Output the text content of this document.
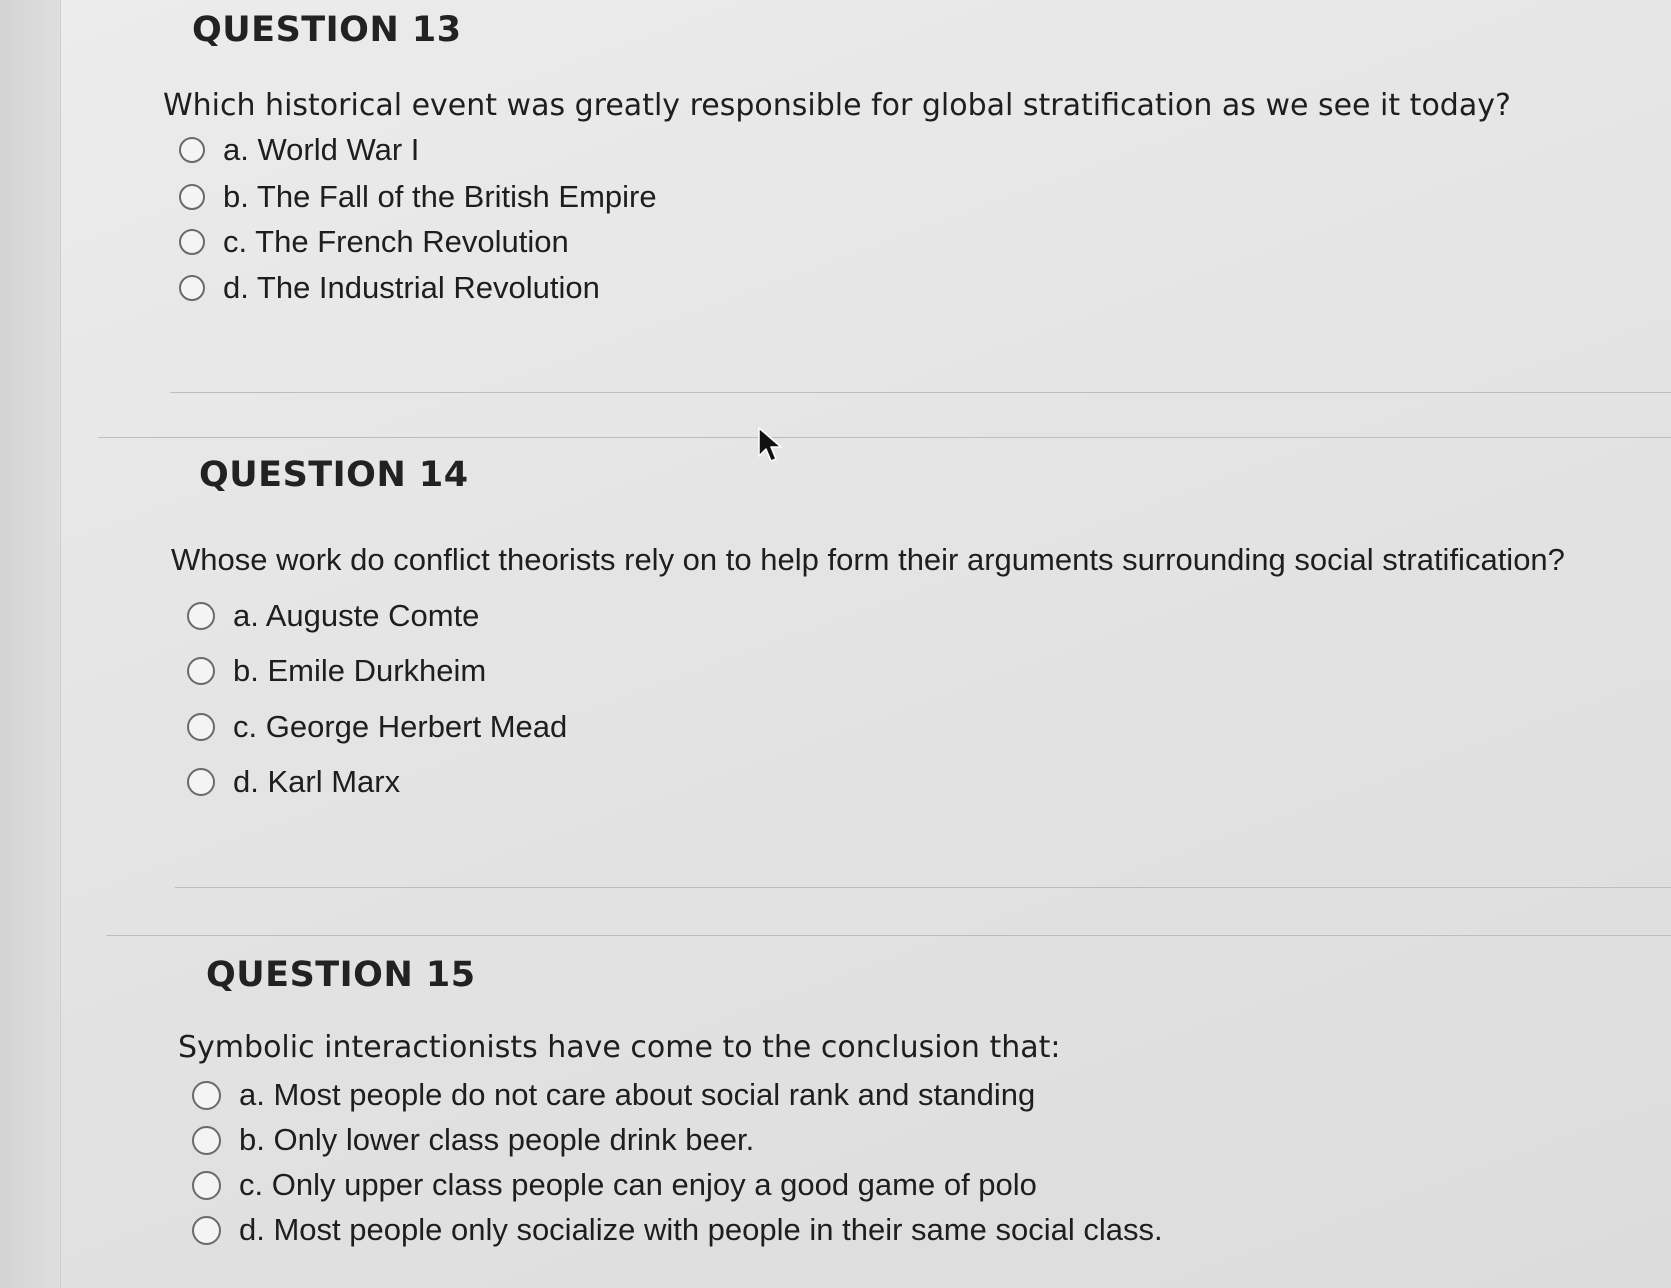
QUESTION 13
Which historical event was greatly responsible for global stratification as we see it today?
a. World War I
b. The Fall of the British Empire
c. The French Revolution
d. The Industrial Revolution
QUESTION 14
Whose work do conflict theorists rely on to help form their arguments surrounding social stratification?
a. Auguste Comte
b. Emile Durkheim
c. George Herbert Mead
d. Karl Marx
QUESTION 15
Symbolic interactionists have come to the conclusion that:
a. Most people do not care about social rank and standing
b. Only lower class people drink beer.
c. Only upper class people can enjoy a good game of polo
d. Most people only socialize with people in their same social class.
